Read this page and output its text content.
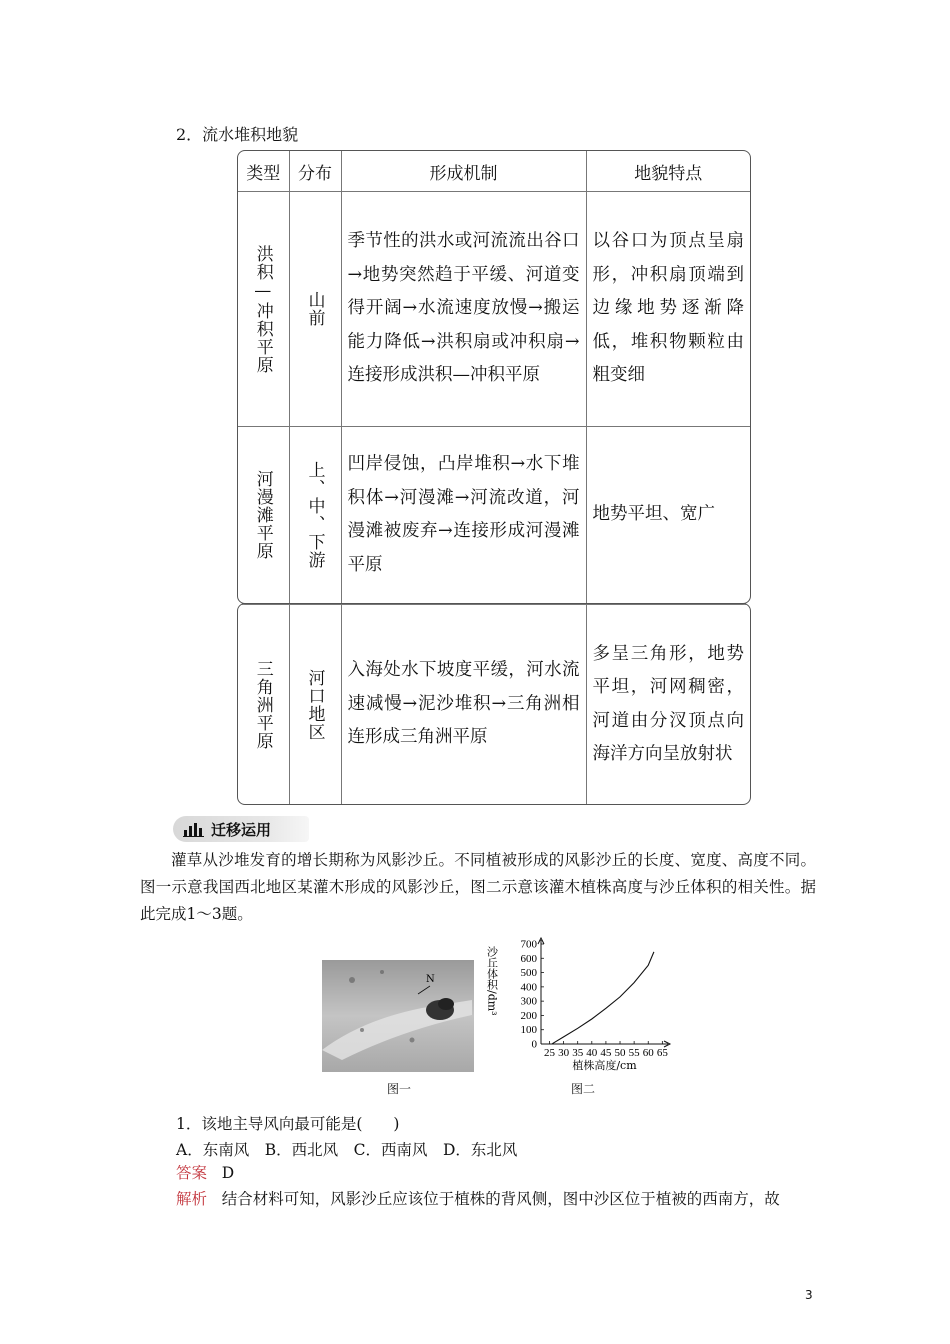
2．流水堆积地貌
类型	分布	形成机制	地貌特点

洪积—冲积平原	山前	季节性的洪水或河流流出谷口→地势突然趋于平缓、河道变得开阔→水流速度放慢→搬运能力降低→洪积扇或冲积扇→连接形成洪积—冲积平原	以谷口为顶点呈扇形，冲积扇顶端到边缘地势逐渐降低，堆积物颗粒由粗变细

河漫滩平原	上、中、下游	凹岸侵蚀，凸岸堆积→水下堆积体→河漫滩→河流改道，河漫滩被废弃→连接形成河漫滩平原	地势平坦、宽广
三角洲平原	河口地区	入海处水下坡度平缓，河水流速减慢→泥沙堆积→三角洲相连形成三角洲平原	多呈三角形，地势平坦，河网稠密，河道由分汊顶点向海洋方向呈放射状
迁移运用
灌草从沙堆发育的增长期称为风影沙丘。不同植被形成的风影沙丘的长度、宽度、高度不同。图一示意我国西北地区某灌木形成的风影沙丘，图二示意该灌木植株高度与沙丘体积的相关性。据此完成1～3题。
N
图一
0
100
200
300
400
500
600
700
25 30 35 40 45 50 55 60 65
植株高度/cm
沙丘体积/dm³
图二
1．该地主导风向最可能是(　　)
A．东南风　B．西北风　C．西南风　D．东北风
答案 D
解析 结合材料可知，风影沙丘应该位于植株的背风侧，图中沙区位于植被的西南方，故
3
